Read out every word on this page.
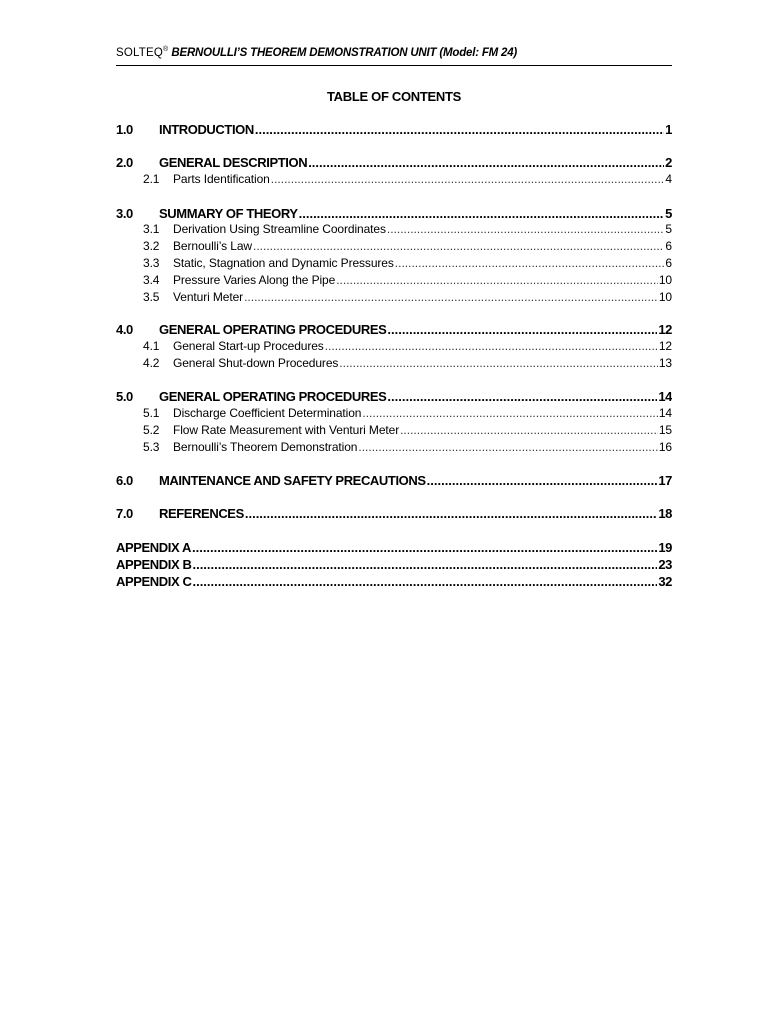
SOLTEQ® BERNOULLI’S THEOREM DEMONSTRATION UNIT (Model: FM 24)
TABLE OF CONTENTS
1.0	INTRODUCTION .....	1
2.0	GENERAL DESCRIPTION .....	2
2.1	Parts Identification .....	4
3.0	SUMMARY OF THEORY .....	5
3.1	Derivation Using Streamline Coordinates .....	5
3.2	Bernoulli’s Law .....	6
3.3	Static, Stagnation and Dynamic Pressures .....	6
3.4	Pressure Varies Along the Pipe .....	10
3.5	Venturi Meter .....	10
4.0	GENERAL OPERATING PROCEDURES .....	12
4.1	General Start-up Procedures .....	12
4.2	General Shut-down Procedures .....	13
5.0	GENERAL OPERATING PROCEDURES .....	14
5.1	Discharge Coefficient Determination .....	14
5.2	Flow Rate Measurement with Venturi Meter .....	15
5.3	Bernoulli’s Theorem Demonstration .....	16
6.0	MAINTENANCE AND SAFETY PRECAUTIONS .....	17
7.0	REFERENCES .....	18
APPENDIX A .....	19
APPENDIX B .....	23
APPENDIX C .....	32
